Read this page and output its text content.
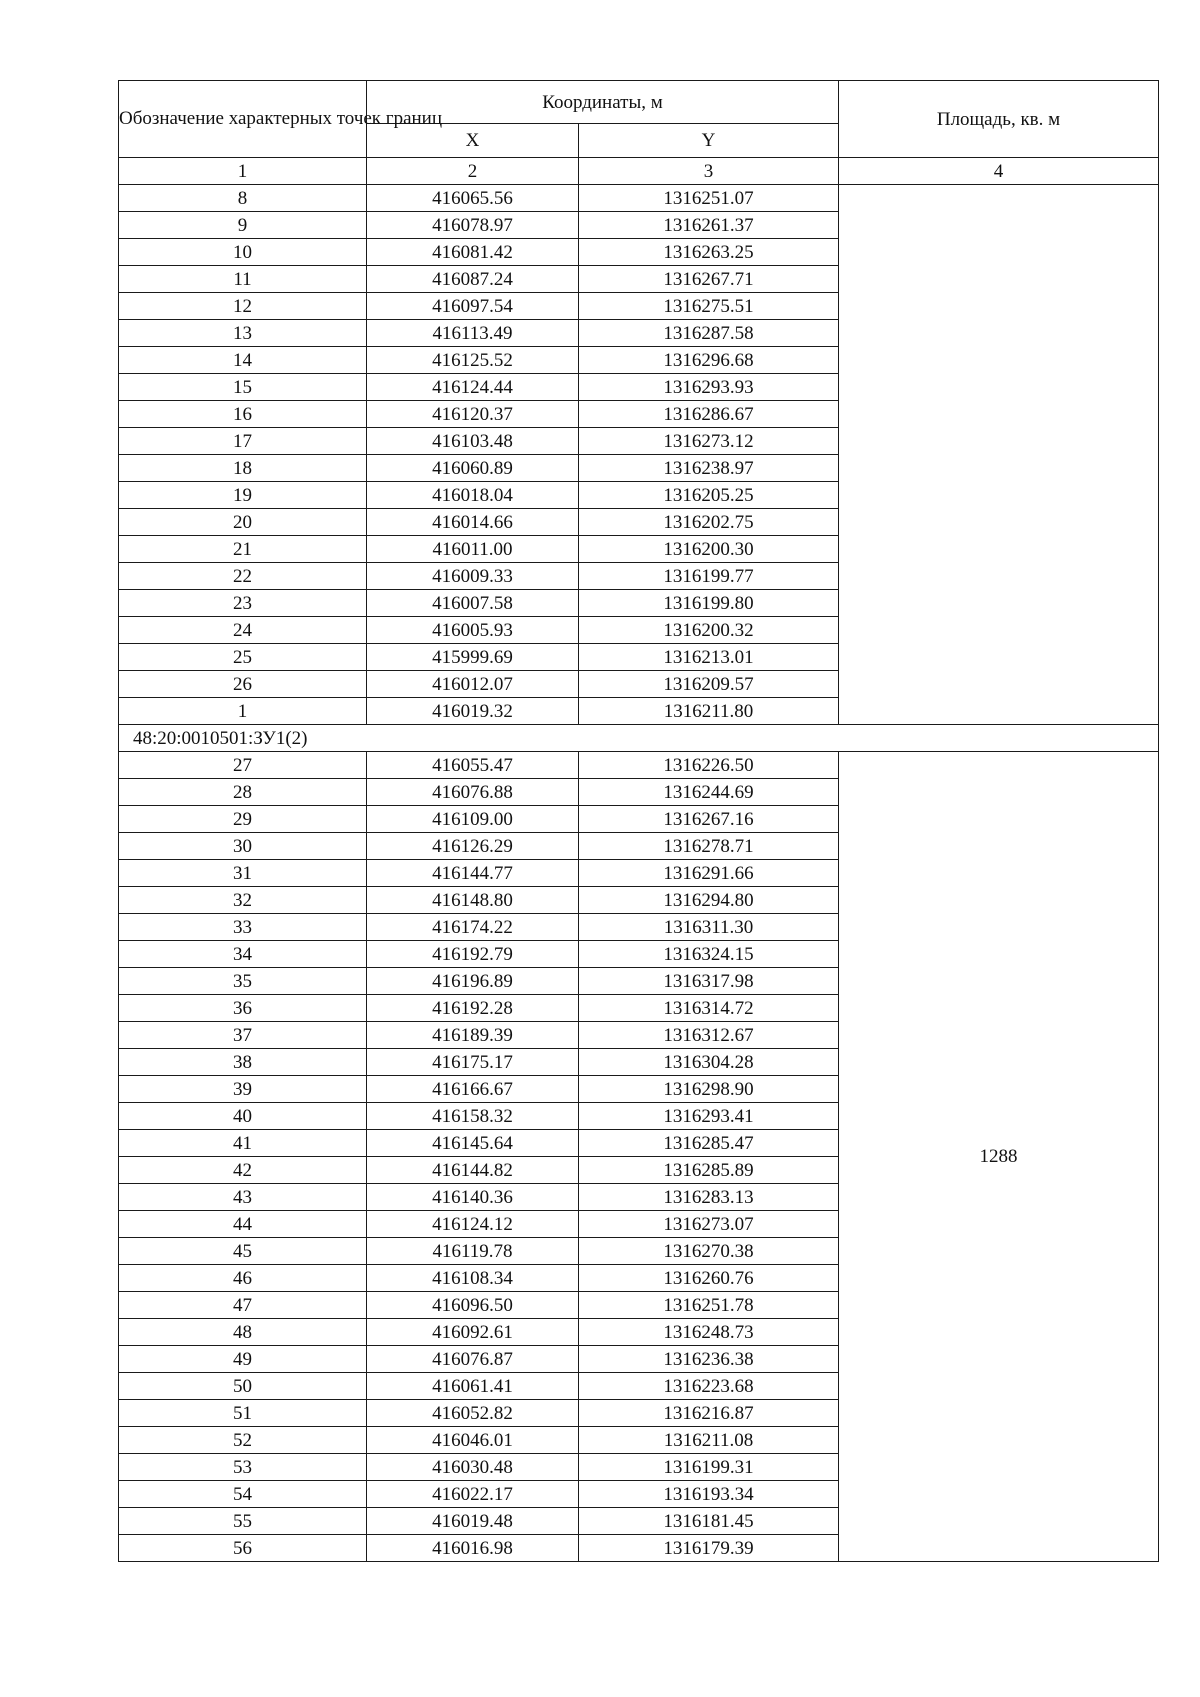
Обозначение характерных точек границ	Координаты, м		Площадь, кв. м
	X	Y	
1	2	3	4
8	416065.56	1316251.07	
9	416078.97	1316261.37	
10	416081.42	1316263.25	
11	416087.24	1316267.71	
12	416097.54	1316275.51	
13	416113.49	1316287.58	
14	416125.52	1316296.68	
15	416124.44	1316293.93	
16	416120.37	1316286.67	
17	416103.48	1316273.12	
18	416060.89	1316238.97	
19	416018.04	1316205.25	
20	416014.66	1316202.75	
21	416011.00	1316200.30	
22	416009.33	1316199.77	
23	416007.58	1316199.80	
24	416005.93	1316200.32	
25	415999.69	1316213.01	
26	416012.07	1316209.57	
1	416019.32	1316211.80	
48:20:0010501:ЗУ1(2)			
27	416055.47	1316226.50	1288
28	416076.88	1316244.69	
29	416109.00	1316267.16	
30	416126.29	1316278.71	
31	416144.77	1316291.66	
32	416148.80	1316294.80	
33	416174.22	1316311.30	
34	416192.79	1316324.15	
35	416196.89	1316317.98	
36	416192.28	1316314.72	
37	416189.39	1316312.67	
38	416175.17	1316304.28	
39	416166.67	1316298.90	
40	416158.32	1316293.41	
41	416145.64	1316285.47	
42	416144.82	1316285.89	
43	416140.36	1316283.13	
44	416124.12	1316273.07	
45	416119.78	1316270.38	
46	416108.34	1316260.76	
47	416096.50	1316251.78	
48	416092.61	1316248.73	
49	416076.87	1316236.38	
50	416061.41	1316223.68	
51	416052.82	1316216.87	
52	416046.01	1316211.08	
53	416030.48	1316199.31	
54	416022.17	1316193.34	
55	416019.48	1316181.45	
56	416016.98	1316179.39	
